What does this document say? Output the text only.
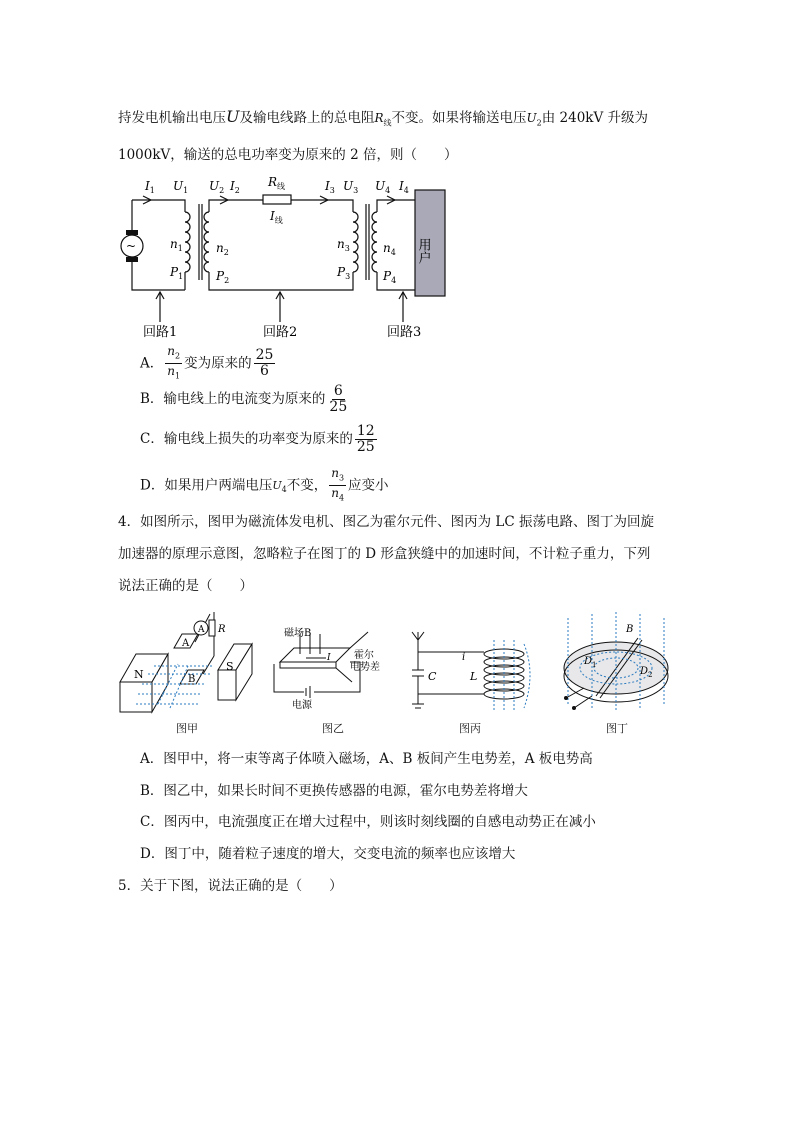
持发电机输出电压U及输电线路上的总电阻$R_线$不变。如果将输送电压$U_2$由 240kV 升级为
1000kV，输送的总电功率变为原来的 2 倍，则（　　）
~
$I_1$ $U_1$ $U_2$ $I_2$
$R_线$
$I_线$
$I_3$ $U_3$ $U_4$ $I_4$
$n_1$	$n_2$
$n_3$	$n_4$
$P_1$	$P_2$
$P_3$	$P_4$
用户
回路1	回路2	回路3
A． $\frac{n_2}{n_1}$ 变为原来的 $\frac{25}{6}$
B．输电线上的电流变为原来的 $\frac{6}{25}$
C．输电线上损失的功率变为原来的 $\frac{12}{25}$
D．如果用户两端电压$U_4$不变， $\frac{n_3}{n_4}$ 应变小
4．如图所示，图甲为磁流体发电机、图乙为霍尔元件、图丙为 LC 振荡电路、图丁为回旋
加速器的原理示意图，忽略粒子在图丁的 D 形盒狭缝中的加速时间，不计粒子重力，下列
说法正确的是（　　）
A R
N
S
A
B
图甲
磁场B
I 霍尔
电势差
电源
图乙
C	L
i
图丙
B
$D_1$
$D_2$
图丁
A．图甲中，将一束等离子体喷入磁场，A、B 板间产生电势差，A 板电势高
B．图乙中，如果长时间不更换传感器的电源，霍尔电势差将增大
C．图丙中，电流强度正在增大过程中，则该时刻线圈的自感电动势正在减小
D．图丁中，随着粒子速度的增大，交变电流的频率也应该增大
5．关于下图，说法正确的是（　　）
